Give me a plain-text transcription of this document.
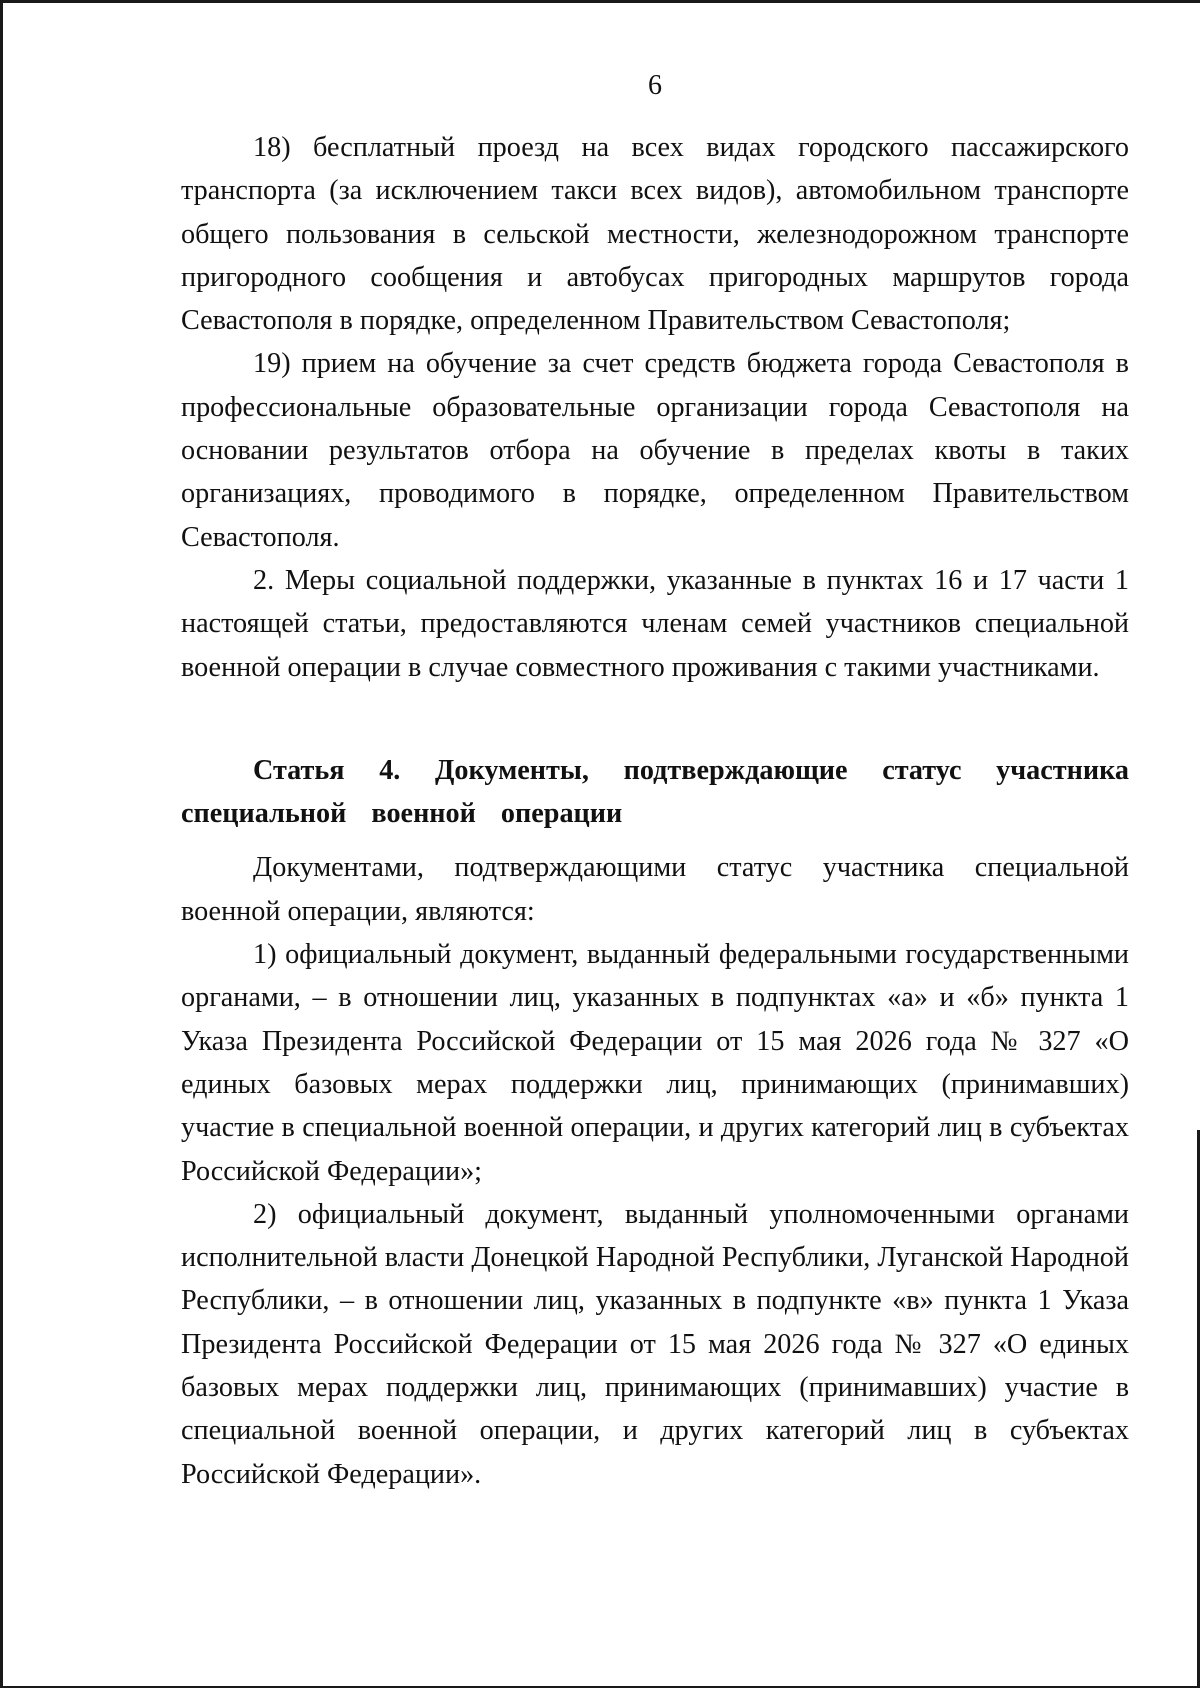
6

18) бесплатный проезд на всех видах городского пассажирского транспорта (за исключением такси всех видов), автомобильном транспорте общего пользования в сельской местности, железнодорожном транспорте пригородного сообщения и автобусах пригородных маршрутов города Севастополя в порядке, определенном Правительством Севастополя;

19) прием на обучение за счет средств бюджета города Севастополя в профессиональные образовательные организации города Севастополя на основании результатов отбора на обучение в пределах квоты в таких организациях, проводимого в порядке, определенном Правительством Севастополя.

2. Меры социальной поддержки, указанные в пунктах 16 и 17 части 1 настоящей статьи, предоставляются членам семей участников специальной военной операции в случае совместного проживания с такими участниками.

Статья 4. Документы, подтверждающие статус участника специальной военной операции

Документами, подтверждающими статус участника специальной военной операции, являются:

1) официальный документ, выданный федеральными государственными органами, – в отношении лиц, указанных в подпунктах «а» и «б» пункта 1 Указа Президента Российской Федерации от 15 мая 2026 года № 327 «О единых базовых мерах поддержки лиц, принимающих (принимавших) участие в специальной военной операции, и других категорий лиц в субъектах Российской Федерации»;

2) официальный документ, выданный уполномоченными органами исполнительной власти Донецкой Народной Республики, Луганской Народной Республики, – в отношении лиц, указанных в подпункте «в» пункта 1 Указа Президента Российской Федерации от 15 мая 2026 года № 327 «О единых базовых мерах поддержки лиц, принимающих (принимавших) участие в специальной военной операции, и других категорий лиц в субъектах Российской Федерации».
